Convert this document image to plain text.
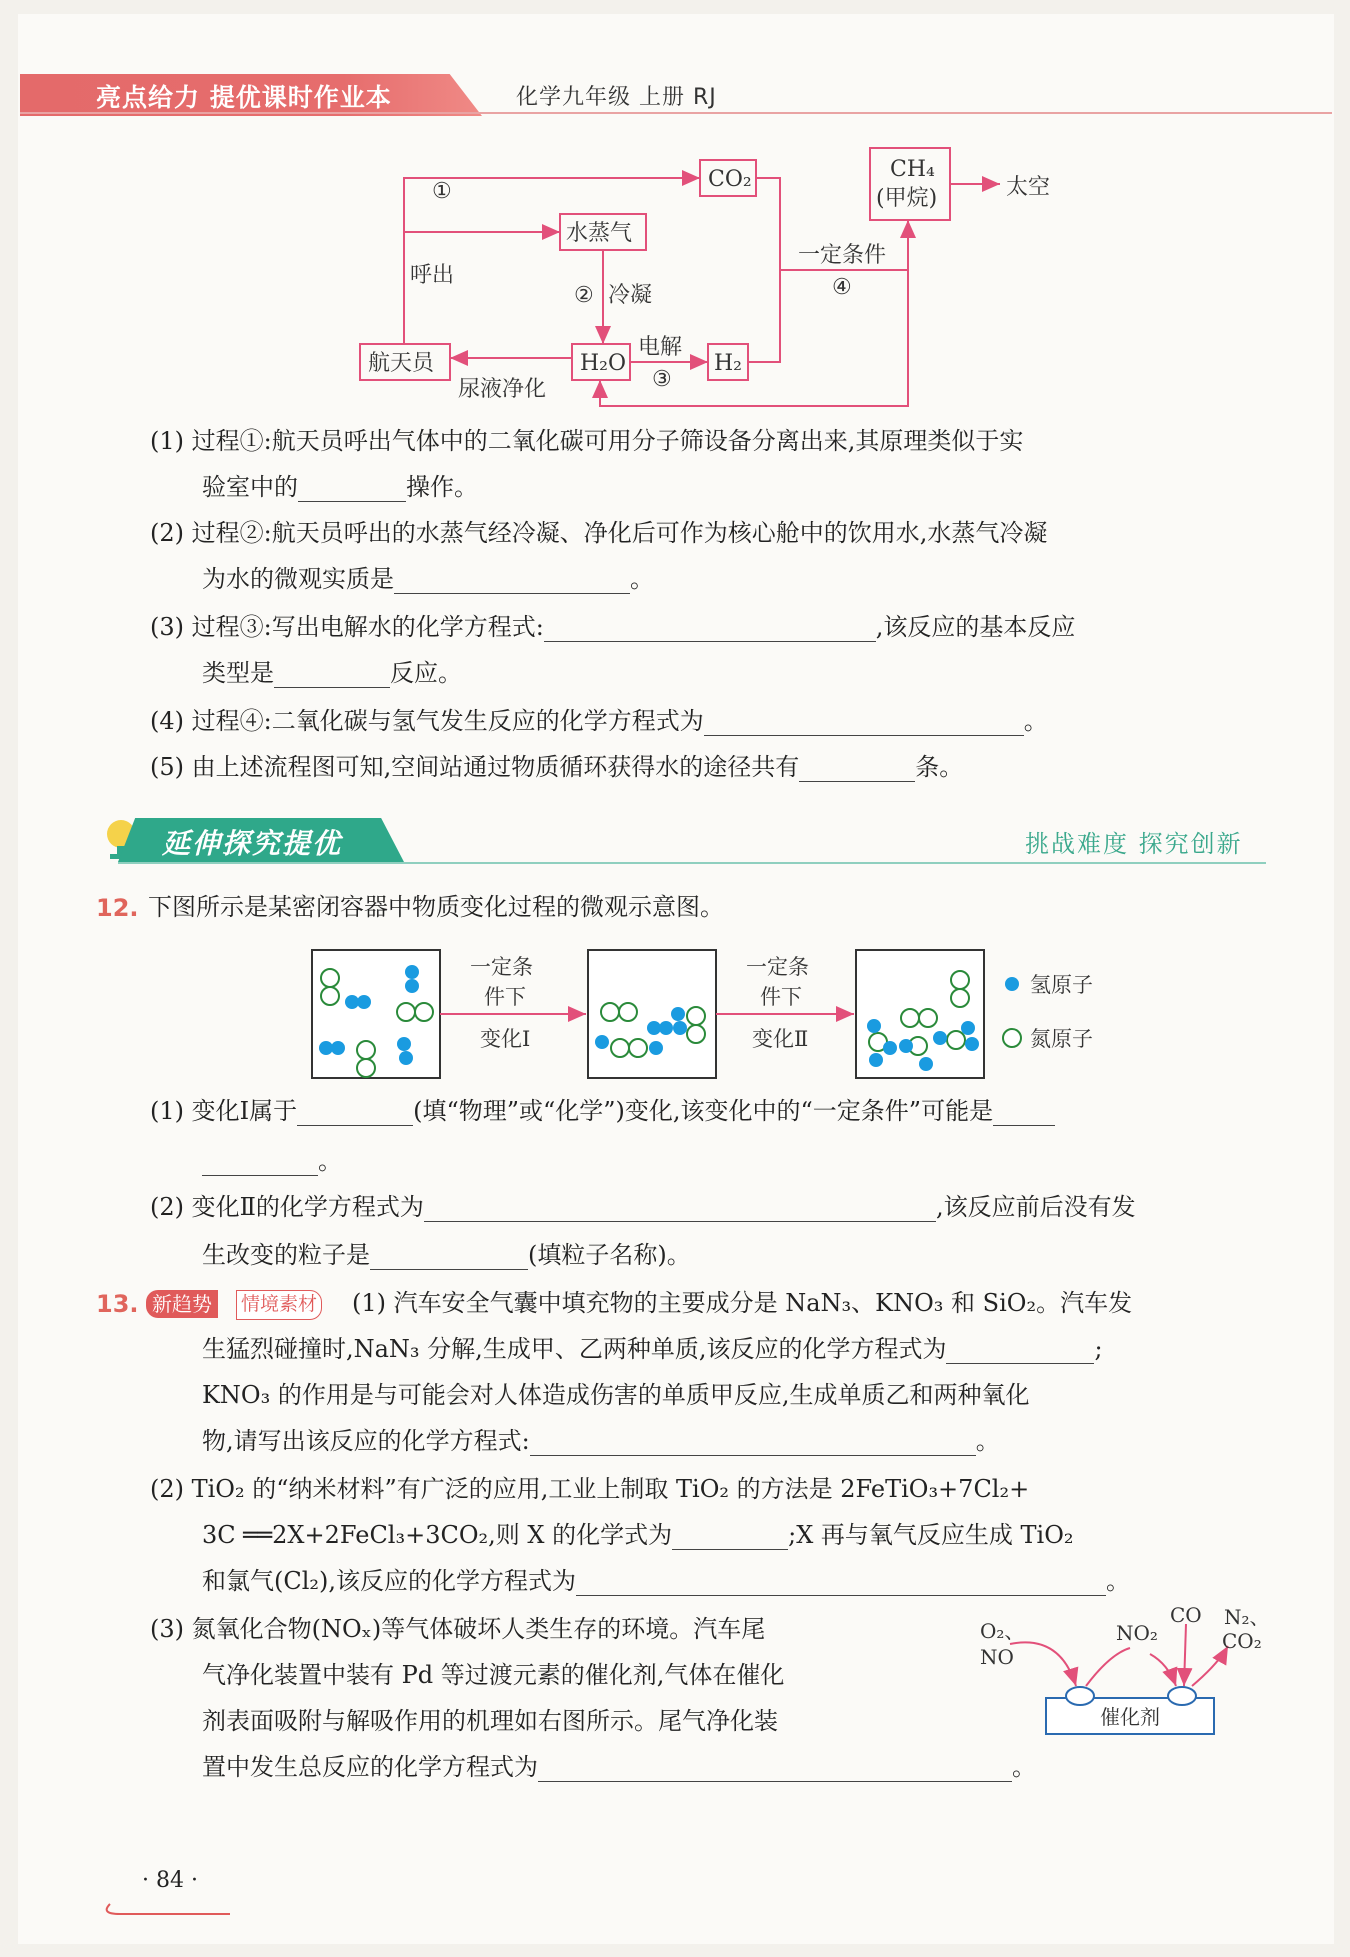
亮点给力 提优课时作业本	化学九年级 上册 RJ
CO₂	CH₄
(甲烷)	太空
水蒸气
航天员	H₂O	H₂
①
呼出
② 冷凝
电解
③
一定条件
④
尿液净化
(1) 过程①:航天员呼出气体中的二氧化碳可用分子筛设备分离出来,其原理类似于实
验室中的	操作。
(2) 过程②:航天员呼出的水蒸气经冷凝、净化后可作为核心舱中的饮用水,水蒸气冷凝
为水的微观实质是	。
(3) 过程③:写出电解水的化学方程式:	,该反应的基本反应
类型是	反应。
(4) 过程④:二氧化碳与氢气发生反应的化学方程式为	。
(5) 由上述流程图可知,空间站通过物质循环获得水的途径共有	条。
延伸探究提优	挑战难度 探究创新
12. 下图所示是某密闭容器中物质变化过程的微观示意图。
一定条
件下
变化Ⅰ
一定条
件下
变化Ⅱ
氢原子
氮原子
(1) 变化Ⅰ属于	(填“物理”或“化学”)变化,该变化中的“一定条件”可能是
。
(2) 变化Ⅱ的化学方程式为	,该反应前后没有发
生改变的粒子是	(填粒子名称)。
13. 新趋势	情境素材 (1) 汽车安全气囊中填充物的主要成分是 NaN₃、KNO₃ 和 SiO₂。汽车发
生猛烈碰撞时,NaN₃ 分解,生成甲、乙两种单质,该反应的化学方程式为	;
KNO₃ 的作用是与可能会对人体造成伤害的单质甲反应,生成单质乙和两种氧化
物,请写出该反应的化学方程式:	。
(2) TiO₂ 的“纳米材料”有广泛的应用,工业上制取 TiO₂ 的方法是 2FeTiO₃+7Cl₂+
3C ══2X+2FeCl₃+3CO₂,则 X 的化学式为	;X 再与氧气反应生成 TiO₂
和氯气(Cl₂),该反应的化学方程式为	。
(3) 氮氧化合物(NOₓ)等气体破坏人类生存的环境。汽车尾
气净化装置中装有 Pd 等过渡元素的催化剂,气体在催化
剂表面吸附与解吸作用的机理如右图所示。尾气净化装
置中发生总反应的化学方程式为	。
O₂、
NO
NO₂
CO N₂、
CO₂
催化剂
· 84 ·
